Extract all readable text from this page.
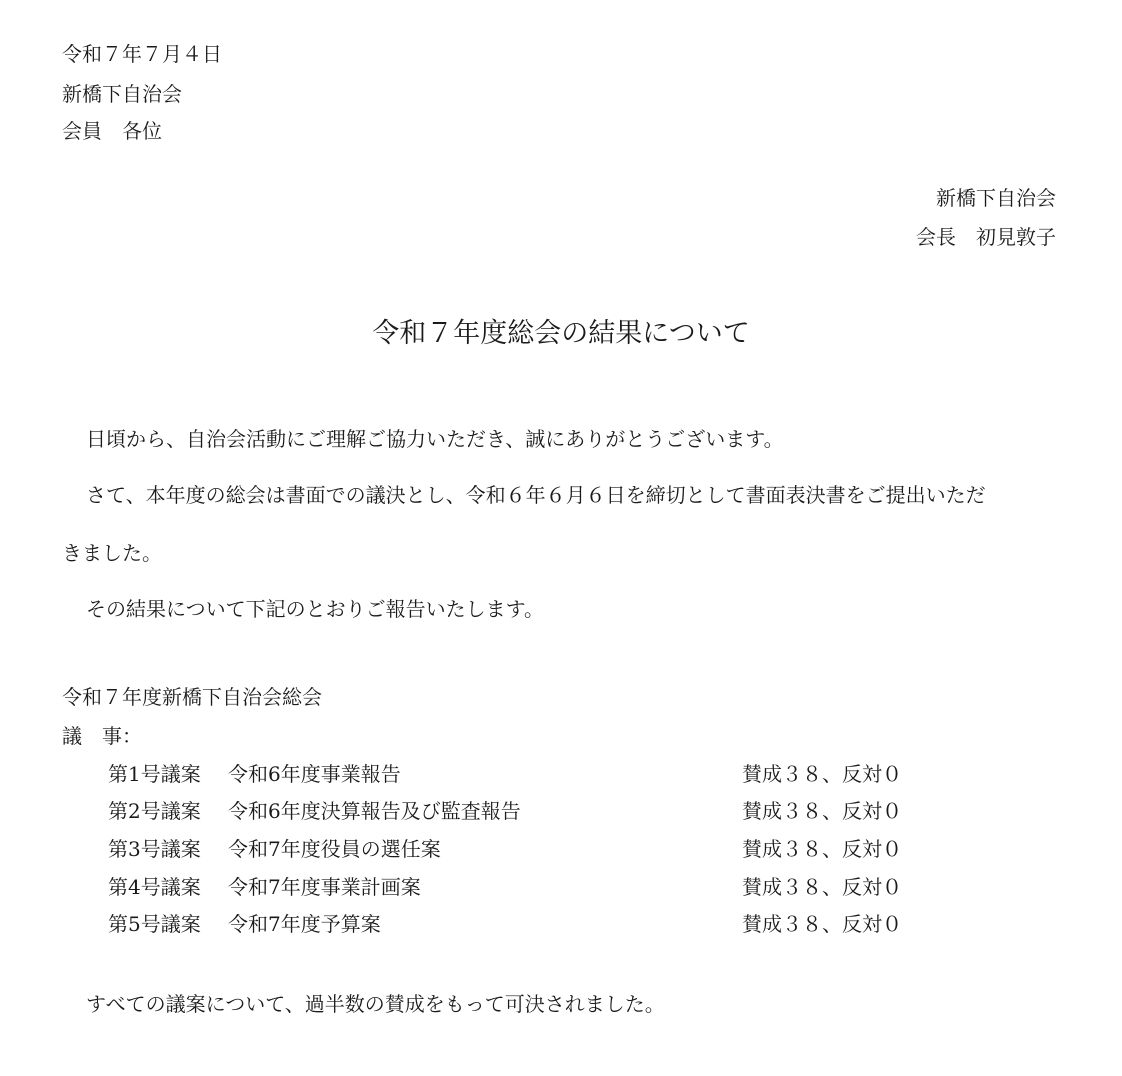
令和７年７月４日
新橋下自治会
会員　各位
新橋下自治会
会長　初見敦子
令和７年度総会の結果について
日頃から、自治会活動にご理解ご協力いただき、誠にありがとうございます。
さて、本年度の総会は書面での議決とし、令和６年６月６日を締切として書面表決書をご提出いただ
きました。
その結果について下記のとおりご報告いたします。
令和７年度新橋下自治会総会
議　事：
第1号議案 令和6年度事業報告	賛成３８、反対０
第2号議案 令和6年度決算報告及び監査報告	賛成３８、反対０
第3号議案 令和7年度役員の選任案	賛成３８、反対０
第4号議案 令和7年度事業計画案	賛成３８、反対０
第5号議案 令和7年度予算案	賛成３８、反対０
すべての議案について、過半数の賛成をもって可決されました。
